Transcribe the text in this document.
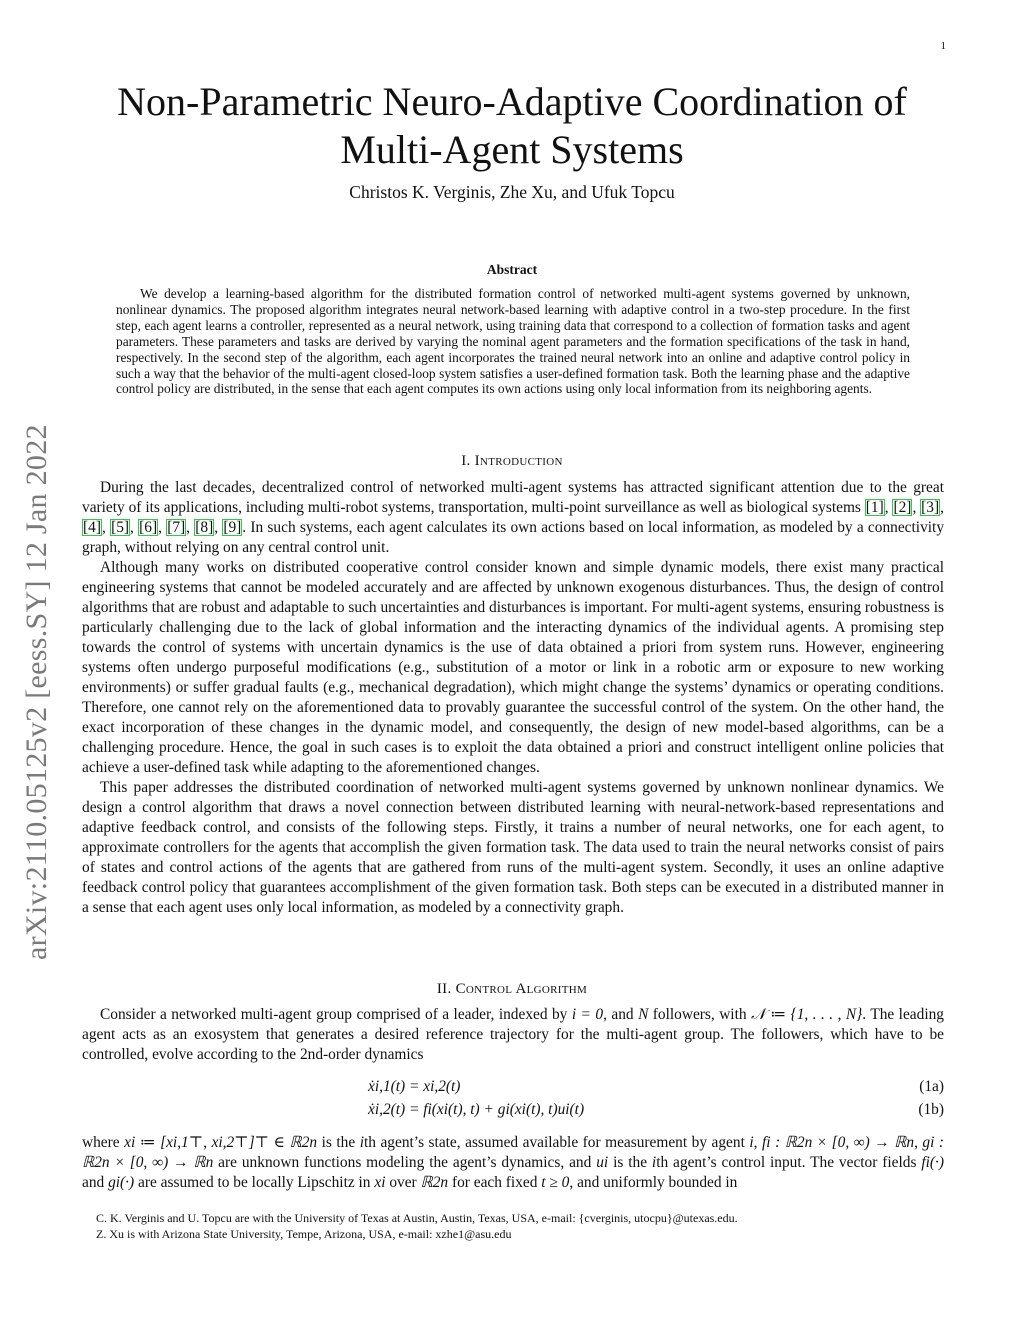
1
arXiv:2110.05125v2 [eess.SY] 12 Jan 2022
Non-Parametric Neuro-Adaptive Coordination of
Multi-Agent Systems
Christos K. Verginis, Zhe Xu, and Ufuk Topcu
Abstract

We develop a learning-based algorithm for the distributed formation control of networked multi-agent systems governed by unknown, nonlinear dynamics. The proposed algorithm integrates neural network-based learning with adaptive control in a two-step procedure. In the first step, each agent learns a controller, represented as a neural network, using training data that correspond to a collection of formation tasks and agent parameters. These parameters and tasks are derived by varying the nominal agent parameters and the formation specifications of the task in hand, respectively. In the second step of the algorithm, each agent incorporates the trained neural network into an online and adaptive control policy in such a way that the behavior of the multi-agent closed-loop system satisfies a user-defined formation task. Both the learning phase and the adaptive control policy are distributed, in the sense that each agent computes its own actions using only local information from its neighboring agents.

I. Introduction

During the last decades, decentralized control of networked multi-agent systems has attracted significant attention due to the great variety of its applications, including multi-robot systems, transportation, multi-point surveillance as well as biological systems [1], [2], [3], [4], [5], [6], [7], [8], [9]. In such systems, each agent calculates its own actions based on local information, as modeled by a connectivity graph, without relying on any central control unit.

Although many works on distributed cooperative control consider known and simple dynamic models, there exist many practical engineering systems that cannot be modeled accurately and are affected by unknown exogenous disturbances. Thus, the design of control algorithms that are robust and adaptable to such uncertainties and disturbances is important. For multi-agent systems, ensuring robustness is particularly challenging due to the lack of global information and the interacting dynamics of the individual agents. A promising step towards the control of systems with uncertain dynamics is the use of data obtained a priori from system runs. However, engineering systems often undergo purposeful modifications (e.g., substitution of a motor or link in a robotic arm or exposure to new working environments) or suffer gradual faults (e.g., mechanical degradation), which might change the systems’ dynamics or operating conditions. Therefore, one cannot rely on the aforementioned data to provably guarantee the successful control of the system. On the other hand, the exact incorporation of these changes in the dynamic model, and consequently, the design of new model-based algorithms, can be a challenging procedure. Hence, the goal in such cases is to exploit the data obtained a priori and construct intelligent online policies that achieve a user-defined task while adapting to the aforementioned changes.

This paper addresses the distributed coordination of networked multi-agent systems governed by unknown nonlinear dynamics. We design a control algorithm that draws a novel connection between distributed learning with neural-network-based representations and adaptive feedback control, and consists of the following steps. Firstly, it trains a number of neural networks, one for each agent, to approximate controllers for the agents that accomplish the given formation task. The data used to train the neural networks consist of pairs of states and control actions of the agents that are gathered from runs of the multi-agent system. Secondly, it uses an online adaptive feedback control policy that guarantees accomplishment of the given formation task. Both steps can be executed in a distributed manner in a sense that each agent uses only local information, as modeled by a connectivity graph.

II. Control Algorithm

Consider a networked multi-agent group comprised of a leader, indexed by i = 0, and N followers, with 𝒩 ≔ {1, . . . , N}. The leading agent acts as an exosystem that generates a desired reference trajectory for the multi-agent group. The followers, which have to be controlled, evolve according to the 2nd-order dynamics

ẋi,1(t) = xi,2(t)	(1a)
ẋi,2(t) = fi(xi(t), t) + gi(xi(t), t)ui(t)	(1b)

where xi ≔ [xi,1⊤, xi,2⊤]⊤ ∈ ℝ2n is the ith agent’s state, assumed available for measurement by agent i, fi : ℝ2n × [0, ∞) → ℝn, gi : ℝ2n × [0, ∞) → ℝn are unknown functions modeling the agent’s dynamics, and ui is the ith agent’s control input. The vector fields fi(·) and gi(·) are assumed to be locally Lipschitz in xi over ℝ2n for each fixed t ≥ 0, and uniformly bounded in

C. K. Verginis and U. Topcu are with the University of Texas at Austin, Austin, Texas, USA, e-mail: {cverginis, utocpu}@utexas.edu.

Z. Xu is with Arizona State University, Tempe, Arizona, USA, e-mail: xzhe1@asu.edu
